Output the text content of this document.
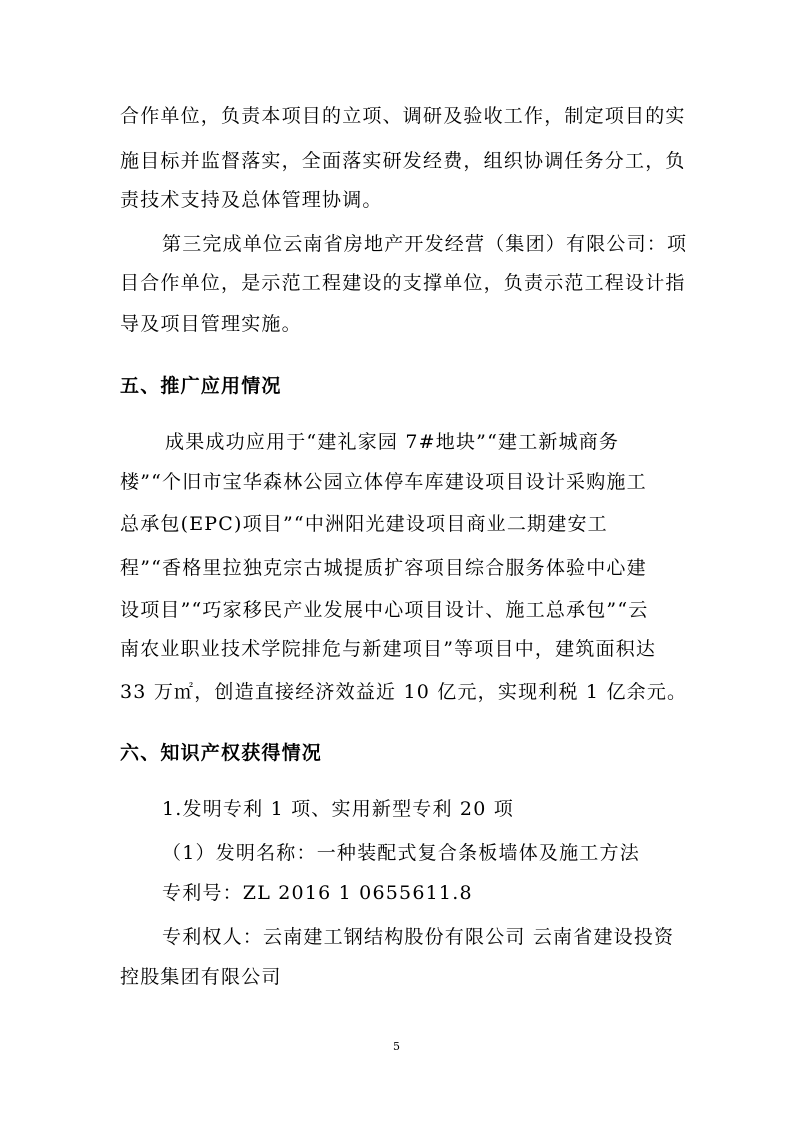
合作单位，负责本项目的立项、调研及验收工作，制定项目的实
施目标并监督落实，全面落实研发经费，组织协调任务分工，负
责技术支持及总体管理协调。
第三完成单位云南省房地产开发经营（集团）有限公司：项
目合作单位，是示范工程建设的支撑单位，负责示范工程设计指
导及项目管理实施。
五、推广应用情况
成果成功应用于“建礼家园 7#地块”“建工新城商务
楼”“个旧市宝华森林公园立体停车库建设项目设计采购施工
总承包(EPC)项目”“中洲阳光建设项目商业二期建安工
程”“香格里拉独克宗古城提质扩容项目综合服务体验中心建
设项目”“巧家移民产业发展中心项目设计、施工总承包”“云
南农业职业技术学院排危与新建项目”等项目中，建筑面积达
33 万㎡，创造直接经济效益近 10 亿元，实现利税 1 亿余元。
六、知识产权获得情况
1.发明专利 1 项、实用新型专利 20 项
（1）发明名称：一种装配式复合条板墙体及施工方法
专利号：ZL 2016 1 0655611.8
专利权人：云南建工钢结构股份有限公司 云南省建设投资
控股集团有限公司
5
